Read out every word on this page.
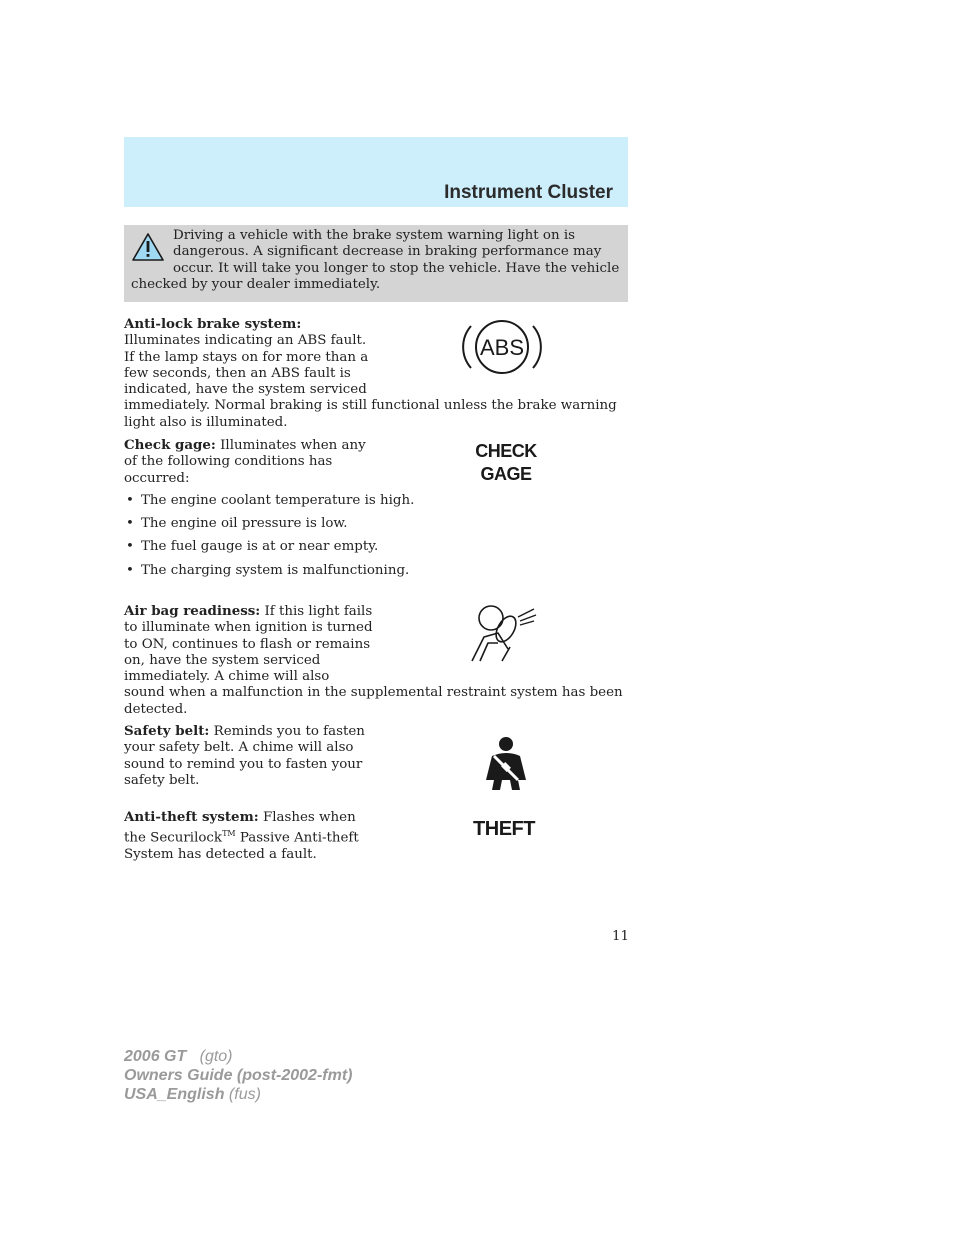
Instrument Cluster

Driving a vehicle with the brake system warning light on is dangerous. A significant decrease in braking performance may occur. It will take you longer to stop the vehicle. Have the vehicle checked by your dealer immediately.

Anti-lock brake system:
Illuminates indicating an ABS fault. If the lamp stays on for more than a few seconds, then an ABS fault is indicated, have the system serviced

immediately. Normal braking is still functional unless the brake warning light also is illuminated.

ABS

Check gage: Illuminates when any of the following conditions has occurred:

• The engine coolant temperature is high.
• The engine oil pressure is low.
• The fuel gauge is at or near empty.
• The charging system is malfunctioning.
CHECK
GAGE

Air bag readiness: If this light fails to illuminate when ignition is turned to ON, continues to flash or remains on, have the system serviced immediately. A chime will also

sound when a malfunction in the supplemental restraint system has been detected.

Safety belt: Reminds you to fasten your safety belt. A chime will also sound to remind you to fasten your safety belt.

Anti-theft system: Flashes when the Securilock™ Passive Anti-theft System has detected a fault.

THEFT
11
2006 GT (gto)
Owners Guide (post-2002-fmt)
USA_English (fus)
